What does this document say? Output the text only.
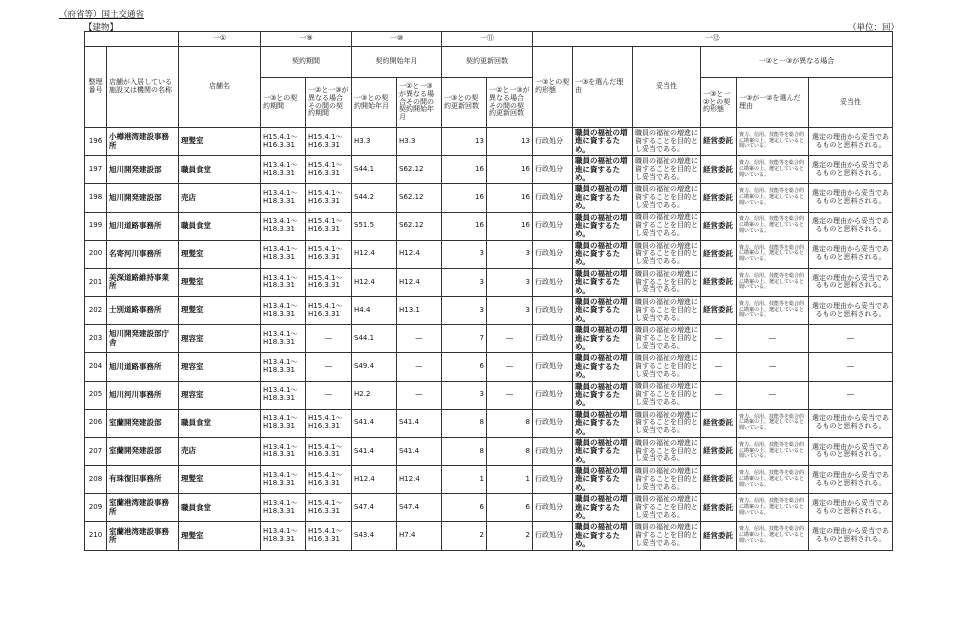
（府省等）国土交通省
【建物】	（単位：回）
		一①	一⑨		一⑩		一⑪		一⑫					
整理番号	店舗が入居している施設又は機関の名称	店舗名	契約期間		契約開始年月		契約更新回数		一③との契約形態	一③を選んだ理由	妥当性	一②と一③が異なる場合		
			一③との契約期間	一②と一③が異なる場合その間の契約期間	一③との契約開始年月	一②と一③が異なる場合その間の契約開始年月	一③との契約更新回数	一②と一③が異なる場合その間の契約更新回数				一③と一②との契約形態	一③が一②を選んだ理由	妥当性
196	小樽港湾建設事務所	理髪室	H15.4.1～H16.3.31	H15.4.1～H16.3.31	H3.3	H3.3	13	13	行政処分	職員の福祉の増進に資するため。	職員の福祉の増進に資することを目的とし妥当である。	経営委託	資力、信用、技能等を総合的に勘案の上、選定していると聞いている。	選定の理由から妥当であるものと思料される。
197	旭川開発建設部	職員食堂	H13.4.1～H18.3.31	H15.4.1～H16.3.31	S44.1	S62.12	16	16	行政処分	職員の福祉の増進に資するため。	職員の福祉の増進に資することを目的とし妥当である。	経営委託	資力、信用、技能等を総合的に勘案の上、選定していると聞いている。	選定の理由から妥当であるものと思料される。
198	旭川開発建設部	売店	H13.4.1～H18.3.31	H15.4.1～H16.3.31	S44.2	S62.12	16	16	行政処分	職員の福祉の増進に資するため。	職員の福祉の増進に資することを目的とし妥当である。	経営委託	資力、信用、技能等を総合的に勘案の上、選定していると聞いている。	選定の理由から妥当であるものと思料される。
199	旭川道路事務所	職員食堂	H13.4.1～H18.3.31	H15.4.1～H16.3.31	S51.5	S62.12	16	16	行政処分	職員の福祉の増進に資するため。	職員の福祉の増進に資することを目的とし妥当である。	経営委託	資力、信用、技能等を総合的に勘案の上、選定していると聞いている。	選定の理由から妥当であるものと思料される。
200	名寄河川事務所	理髪室	H13.4.1～H18.3.31	H15.4.1～H16.3.31	H12.4	H12.4	3	3	行政処分	職員の福祉の増進に資するため。	職員の福祉の増進に資することを目的とし妥当である。	経営委託	資力、信用、技能等を総合的に勘案の上、選定していると聞いている。	選定の理由から妥当であるものと思料される。
201	美深道路維持事業所	理髪室	H13.4.1～H18.3.31	H15.4.1～H16.3.31	H12.4	H12.4	3	3	行政処分	職員の福祉の増進に資するため。	職員の福祉の増進に資することを目的とし妥当である。	経営委託	資力、信用、技能等を総合的に勘案の上、選定していると聞いている。	選定の理由から妥当であるものと思料される。
202	士別道路事務所	理髪室	H13.4.1～H18.3.31	H15.4.1～H16.3.31	H4.4	H13.1	3	3	行政処分	職員の福祉の増進に資するため。	職員の福祉の増進に資することを目的とし妥当である。	経営委託	資力、信用、技能等を総合的に勘案の上、選定していると聞いている。	選定の理由から妥当であるものと思料される。
203	旭川開発建設部庁舎	理容室	H13.4.1～H18.3.31	―	S44.1	―	7	―	行政処分	職員の福祉の増進に資するため。	職員の福祉の増進に資することを目的とし妥当である。	―	―	―
204	旭川道路事務所	理容室	H13.4.1～H18.3.31	―	S49.4	―	6	―	行政処分	職員の福祉の増進に資するため。	職員の福祉の増進に資することを目的とし妥当である。	―	―	―
205	旭川河川事務所	理容室	H13.4.1～H18.3.31	―	H2.2	―	3	―	行政処分	職員の福祉の増進に資するため。	職員の福祉の増進に資することを目的とし妥当である。	―	―	―
206	室蘭開発建設部	職員食堂	H13.4.1～H18.3.31	H15.4.1～H16.3.31	S41.4	S41.4	8	8	行政処分	職員の福祉の増進に資するため。	職員の福祉の増進に資することを目的とし妥当である。	経営委託	資力、信用、技能等を総合的に勘案の上、選定していると聞いている。	選定の理由から妥当であるものと思料される。
207	室蘭開発建設部	売店	H13.4.1～H18.3.31	H15.4.1～H16.3.31	S41.4	S41.4	8	8	行政処分	職員の福祉の増進に資するため。	職員の福祉の増進に資することを目的とし妥当である。	経営委託	資力、信用、技能等を総合的に勘案の上、選定していると聞いている。	選定の理由から妥当であるものと思料される。
208	有珠復旧事務所	理髪室	H13.4.1～H18.3.31	H15.4.1～H16.3.31	H12.4	H12.4	1	1	行政処分	職員の福祉の増進に資するため。	職員の福祉の増進に資することを目的とし妥当である。	経営委託	資力、信用、技能等を総合的に勘案の上、選定していると聞いている。	選定の理由から妥当であるものと思料される。
209	室蘭港湾建設事務所	職員食堂	H13.4.1～H18.3.31	H15.4.1～H16.3.31	S47.4	S47.4	6	6	行政処分	職員の福祉の増進に資するため。	職員の福祉の増進に資することを目的とし妥当である。	経営委託	資力、信用、技能等を総合的に勘案の上、選定していると聞いている。	選定の理由から妥当であるものと思料される。
210	室蘭港湾建設事務所	理髪室	H13.4.1～H18.3.31	H15.4.1～H16.3.31	S43.4	H7.4	2	2	行政処分	職員の福祉の増進に資するため。	職員の福祉の増進に資することを目的とし妥当である。	経営委託	資力、信用、技能等を総合的に勘案の上、選定していると聞いている。	選定の理由から妥当であるものと思料される。
